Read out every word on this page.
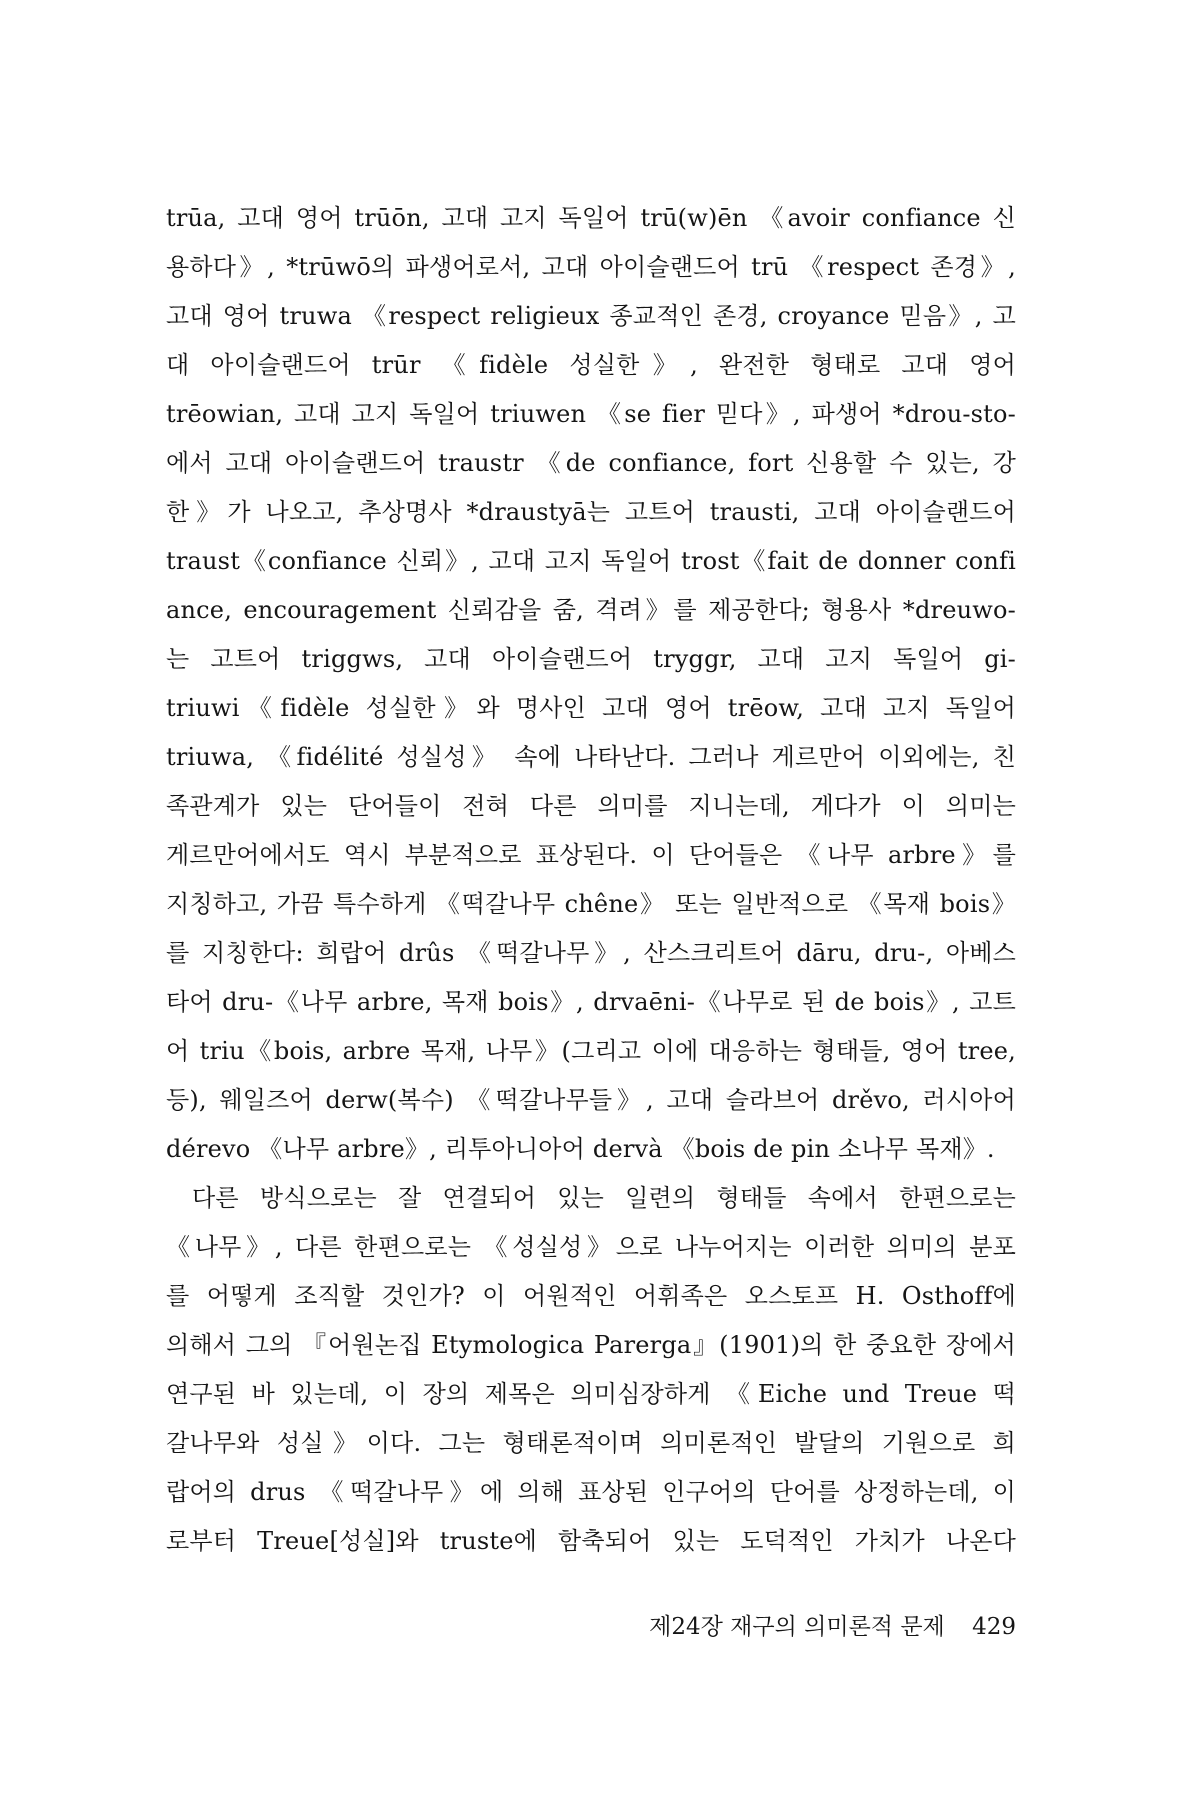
trūa, 고대 영어 trūōn, 고대 고지 독일어 trū(w)ēn 《avoir confiance 신
용하다》, *trūwō의 파생어로서, 고대 아이슬랜드어 trū 《respect 존경》,
고대 영어 truwa 《respect religieux 종교적인 존경, croyance 믿음》, 고
대 아이슬랜드어 trūr 《fidèle 성실한》, 완전한 형태로 고대 영어
trēowian, 고대 고지 독일어 triuwen 《se fier 믿다》, 파생어 *drou-sto-
에서 고대 아이슬랜드어 traustr 《de confiance, fort 신용할 수 있는, 강
한》가 나오고, 추상명사 *draustyā는 고트어 trausti, 고대 아이슬랜드어
traust《confiance 신뢰》, 고대 고지 독일어 trost《fait de donner confi
ance, encouragement 신뢰감을 줌, 격려》를 제공한다; 형용사 *dreuwo-
는 고트어 triggws, 고대 아이슬랜드어 tryggr, 고대 고지 독일어 gi-
triuwi《fidèle 성실한》와 명사인 고대 영어 trēow, 고대 고지 독일어
triuwa, 《fidélité 성실성》 속에 나타난다. 그러나 게르만어 이외에는, 친
족관계가 있는 단어들이 전혀 다른 의미를 지니는데, 게다가 이 의미는
게르만어에서도 역시 부분적으로 표상된다. 이 단어들은 《나무 arbre》를
지칭하고, 가끔 특수하게 《떡갈나무 chêne》 또는 일반적으로 《목재 bois》
를 지칭한다: 희랍어 drûs 《떡갈나무》, 산스크리트어 dāru, dru-, 아베스
타어 dru-《나무 arbre, 목재 bois》, drvaēni-《나무로 된 de bois》, 고트
어 triu《bois, arbre 목재, 나무》(그리고 이에 대응하는 형태들, 영어 tree,
등), 웨일즈어 derw(복수) 《떡갈나무들》, 고대 슬라브어 drěvo, 러시아어
dérevo 《나무 arbre》, 리투아니아어 dervà 《bois de pin 소나무 목재》.
다른 방식으로는 잘 연결되어 있는 일련의 형태들 속에서 한편으로는
《나무》, 다른 한편으로는 《성실성》으로 나누어지는 이러한 의미의 분포
를 어떻게 조직할 것인가? 이 어원적인 어휘족은 오스토프 H. Osthoff에
의해서 그의 『어원논집 Etymologica Parerga』(1901)의 한 중요한 장에서
연구된 바 있는데, 이 장의 제목은 의미심장하게 《Eiche und Treue 떡
갈나무와 성실》이다. 그는 형태론적이며 의미론적인 발달의 기원으로 희
랍어의 drus 《떡갈나무》에 의해 표상된 인구어의 단어를 상정하는데, 이
로부터 Treue[성실]와 truste에 함축되어 있는 도덕적인 가치가 나온다
제24장 재구의 의미론적 문제 429
